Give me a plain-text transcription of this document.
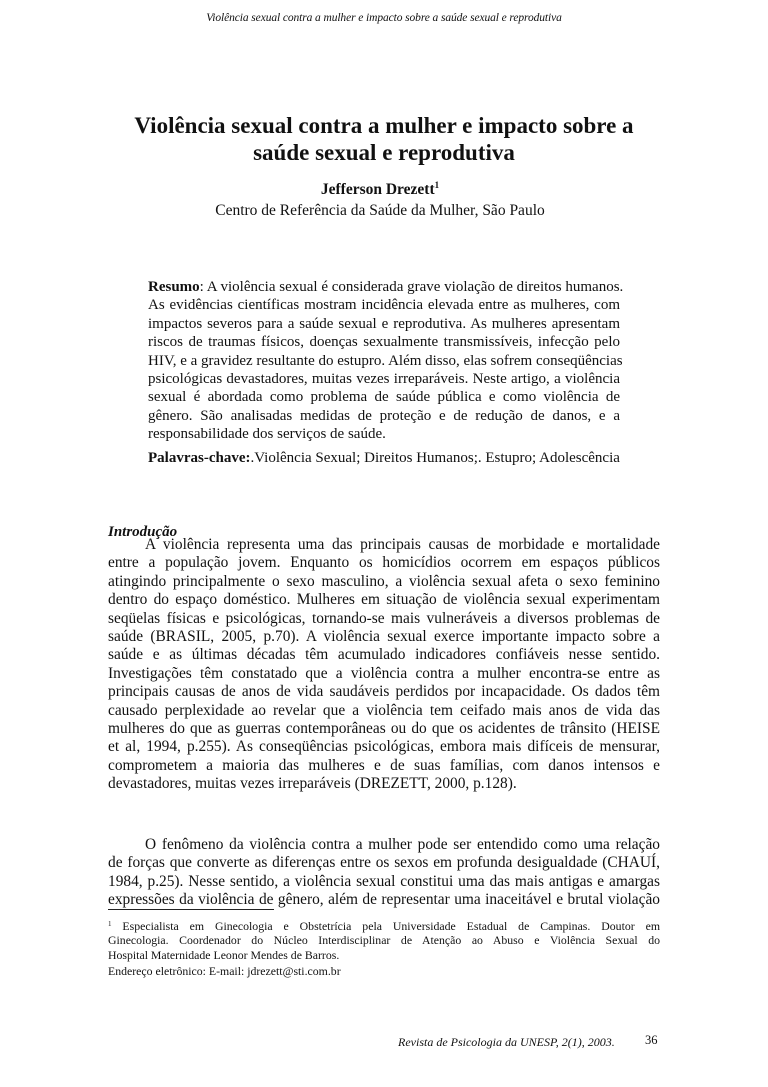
Violência sexual contra a mulher e impacto sobre a saúde sexual e reprodutiva
Violência sexual contra a mulher e impacto sobre a
saúde sexual e reprodutiva
Jefferson Drezett$^1$
Centro de Referência da Saúde da Mulher, São Paulo
Resumo: A violência sexual é considerada grave violação de direitos humanos.
As evidências científicas mostram incidência elevada entre as mulheres, com
impactos severos para a saúde sexual e reprodutiva. As mulheres apresentam
riscos de traumas físicos, doenças sexualmente transmissíveis, infecção pelo
HIV, e a gravidez resultante do estupro. Além disso, elas sofrem conseqüências
psicológicas devastadores, muitas vezes irreparáveis. Neste artigo, a violência
sexual é abordada como problema de saúde pública e como violência de
gênero. São analisadas medidas de proteção e de redução de danos, e a
responsabilidade dos serviços de saúde.
Palavras-chave:.Violência Sexual; Direitos Humanos;. Estupro; Adolescência
Introdução
A violência representa uma das principais causas de morbidade e mortalidade
entre a população jovem. Enquanto os homicídios ocorrem em espaços públicos
atingindo principalmente o sexo masculino, a violência sexual afeta o sexo feminino
dentro do espaço doméstico. Mulheres em situação de violência sexual experimentam
seqüelas físicas e psicológicas, tornando-se mais vulneráveis a diversos problemas de
saúde (BRASIL, 2005, p.70). A violência sexual exerce importante impacto sobre a
saúde e as últimas décadas têm acumulado indicadores confiáveis nesse sentido.
Investigações têm constatado que a violência contra a mulher encontra-se entre as
principais causas de anos de vida saudáveis perdidos por incapacidade. Os dados têm
causado perplexidade ao revelar que a violência tem ceifado mais anos de vida das
mulheres do que as guerras contemporâneas ou do que os acidentes de trânsito (HEISE
et al, 1994, p.255). As conseqüências psicológicas, embora mais difíceis de mensurar,
comprometem a maioria das mulheres e de suas famílias, com danos intensos e
devastadores, muitas vezes irreparáveis (DREZETT, 2000, p.128).
O fenômeno da violência contra a mulher pode ser entendido como uma relação
de forças que converte as diferenças entre os sexos em profunda desigualdade (CHAUÍ,
1984, p.25). Nesse sentido, a violência sexual constitui uma das mais antigas e amargas
expressões da violência de gênero, além de representar uma inaceitável e brutal violação
$^1$ Especialista em Ginecologia e Obstetrícia pela Universidade Estadual de Campinas. Doutor em
Ginecologia. Coordenador do Núcleo Interdisciplinar de Atenção ao Abuso e Violência Sexual do
Hospital Maternidade Leonor Mendes de Barros.
Endereço eletrônico: E-mail: jdrezett@sti.com.br
Revista de Psicologia da UNESP, 2(1), 2003. 36
